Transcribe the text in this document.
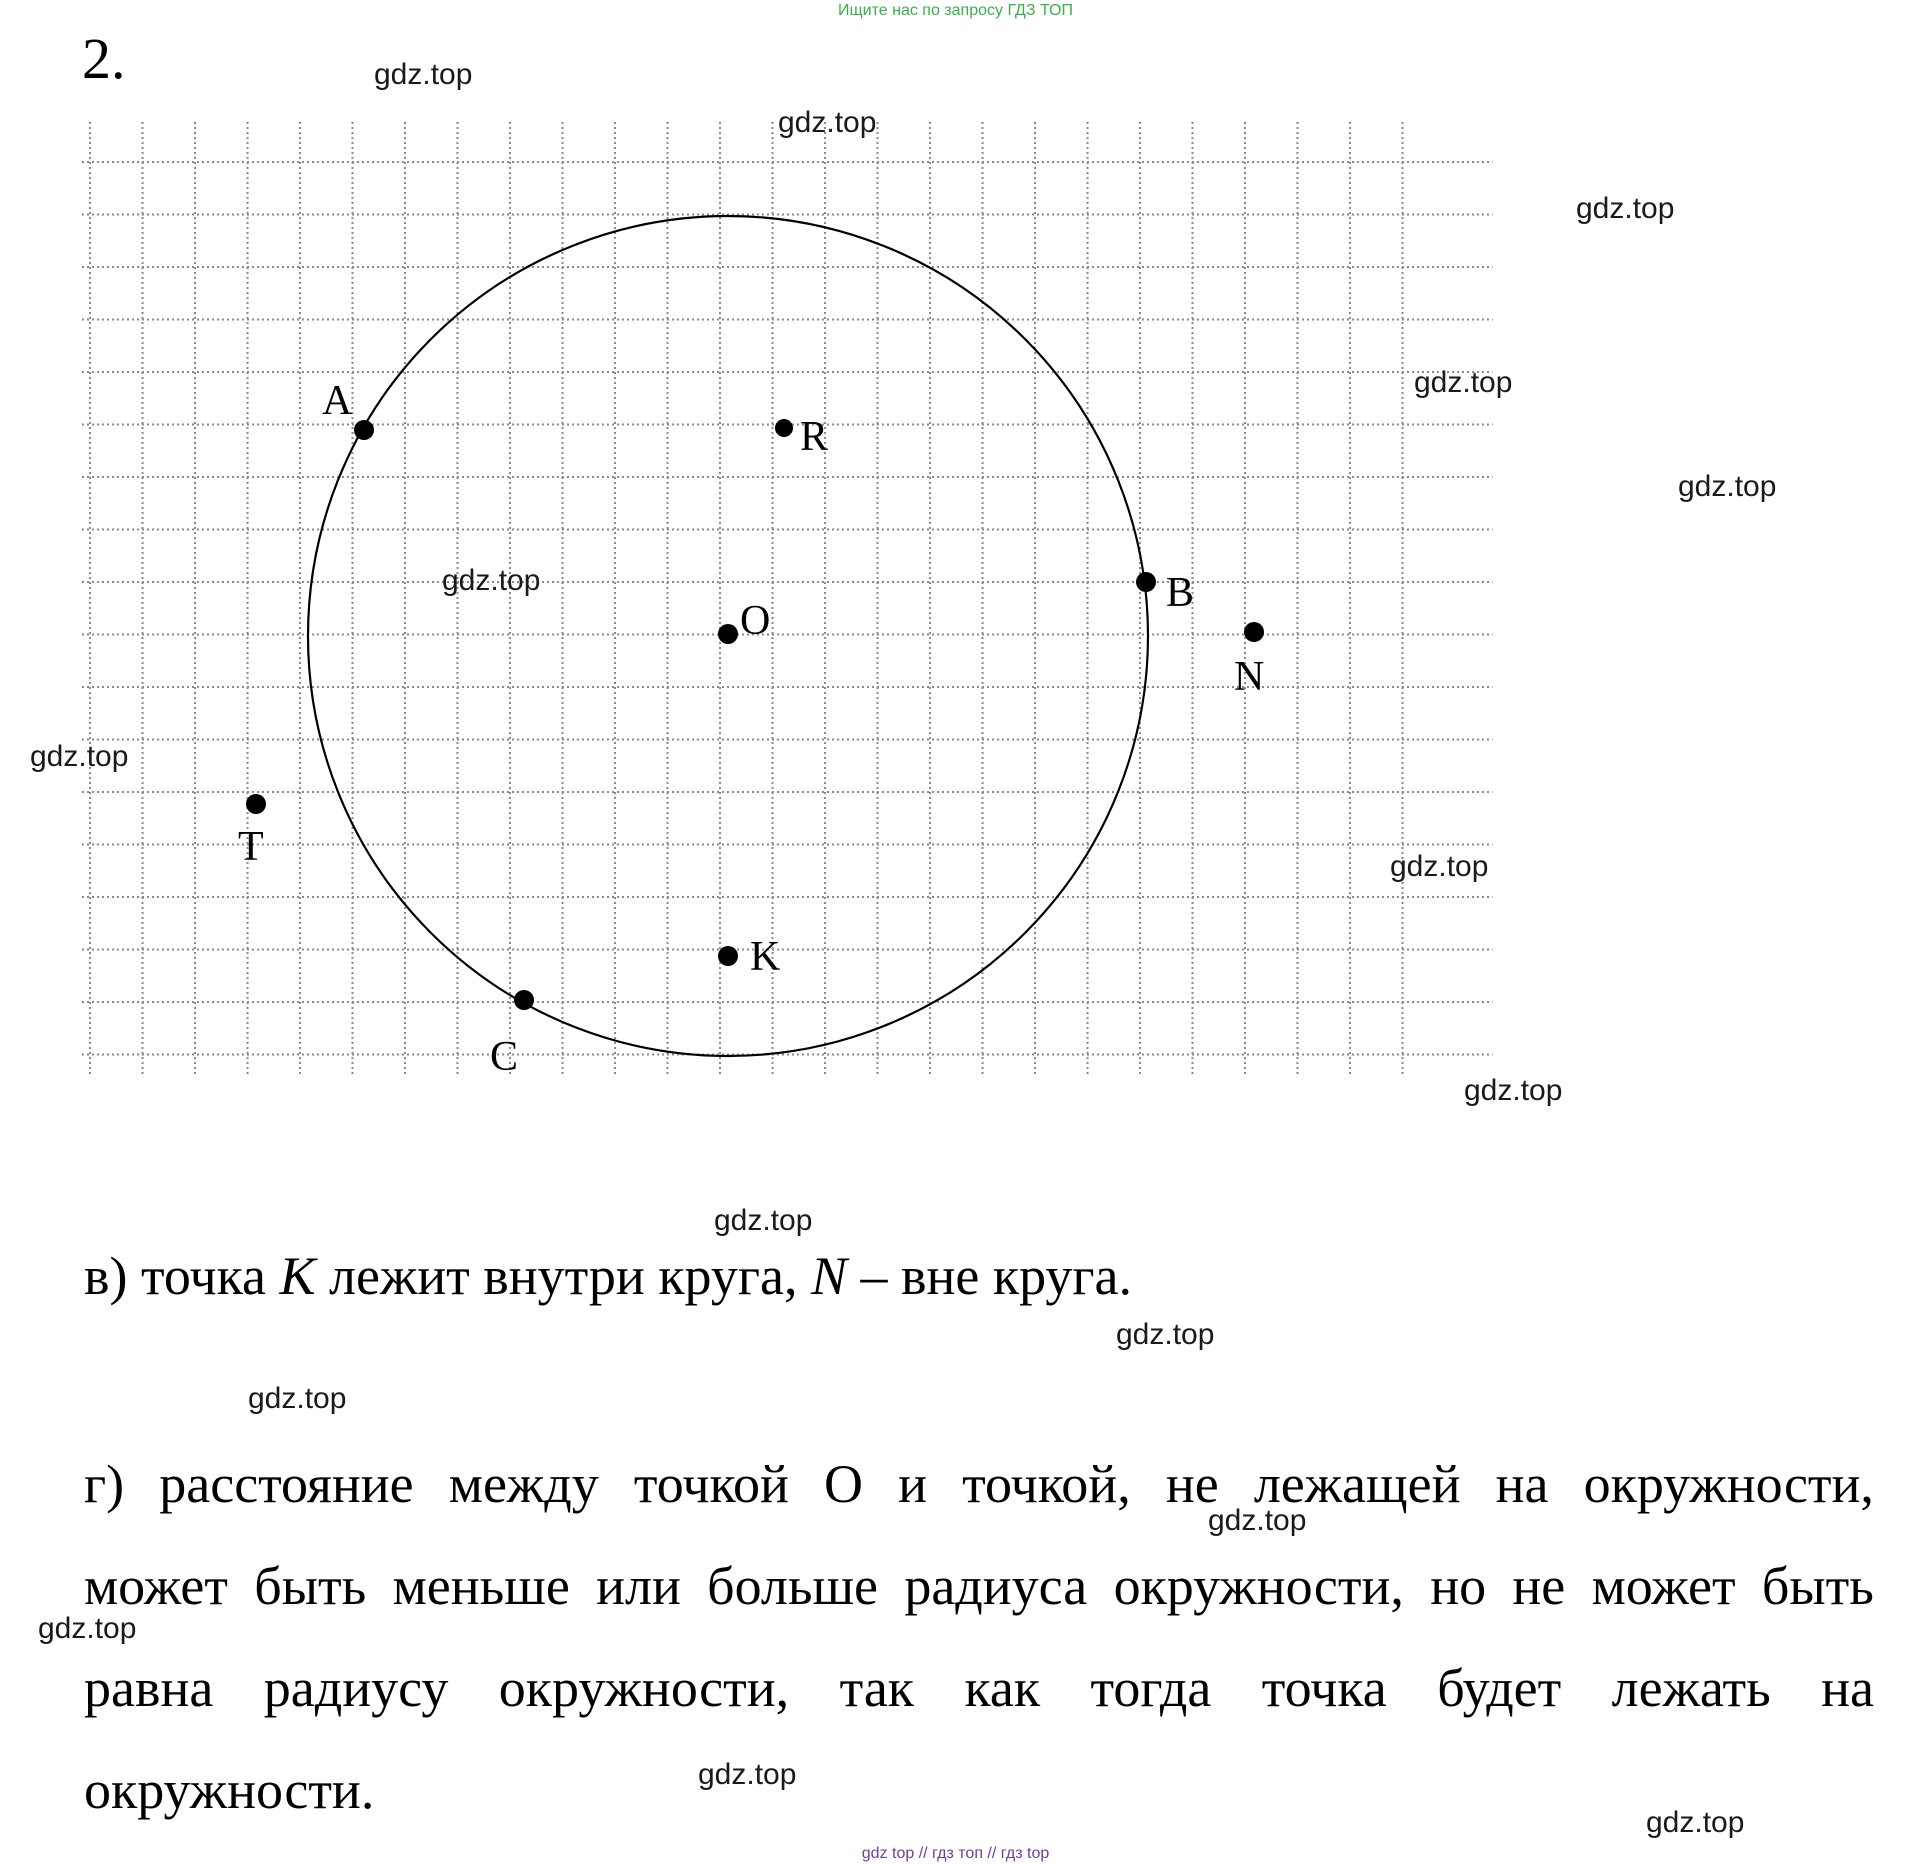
Ищите нас по запросу ГДЗ ТОП
2.
A
B
C
O
R
K
N
T
в) точка K лежит внутри круга, N – вне круга.
г) расстояние между точкой О и точкой, не лежащей на окружности,
может быть меньше или больше радиуса окружности, но не может быть
равна радиусу окружности, так как тогда точка будет лежать на
окружности.
gdz.top
gdz.top
gdz.top
gdz.top
gdz.top
gdz.top
gdz.top
gdz.top
gdz.top
gdz.top
gdz.top
gdz.top
gdz.top
gdz.top
gdz.top
gdz.top
gdz top // гдз топ // гдз top
